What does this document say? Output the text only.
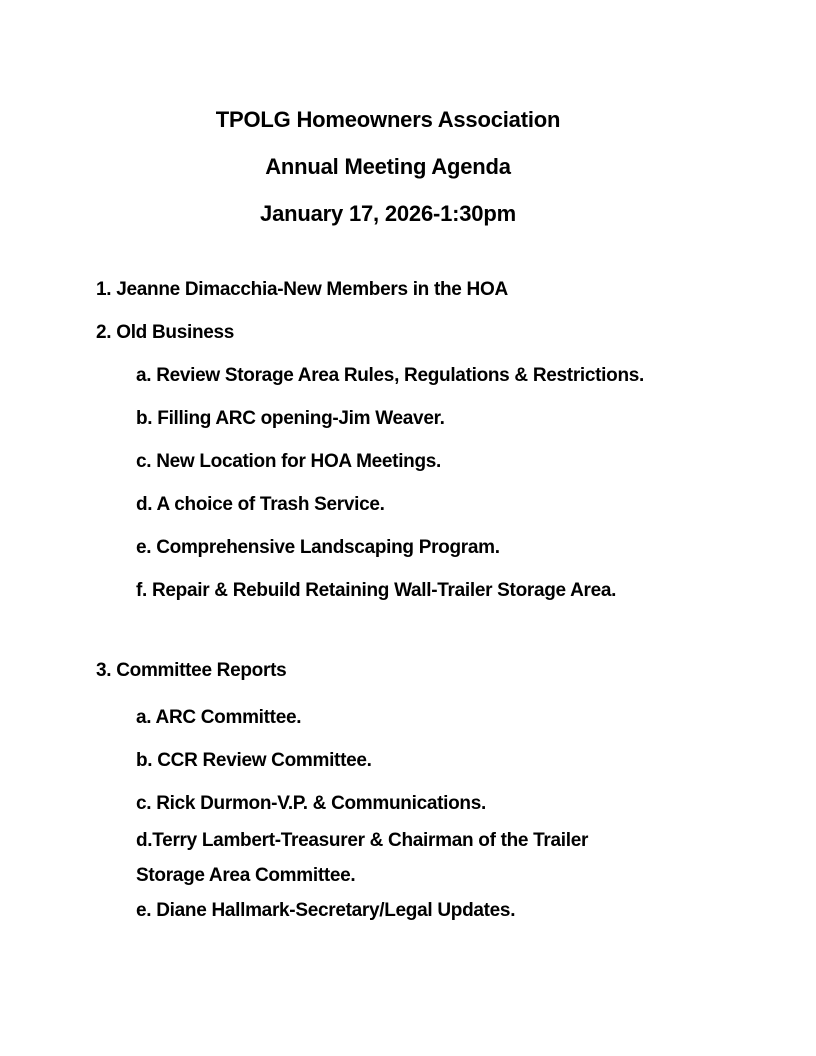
TPOLG Homeowners Association

Annual Meeting Agenda

January 17, 2026-1:30pm

1. Jeanne Dimacchia-New Members in the HOA

2. Old Business

a. Review Storage Area Rules, Regulations & Restrictions.

b. Filling ARC opening-Jim Weaver.

c. New Location for HOA Meetings.

d. A choice of Trash Service.

e. Comprehensive Landscaping Program.

f. Repair & Rebuild Retaining Wall-Trailer Storage Area.

3. Committee Reports

a. ARC Committee.

b. CCR Review Committee.

c. Rick Durmon-V.P. & Communications.

d.Terry Lambert-Treasurer & Chairman of the Trailer

Storage Area Committee.

e. Diane Hallmark-Secretary/Legal Updates.
